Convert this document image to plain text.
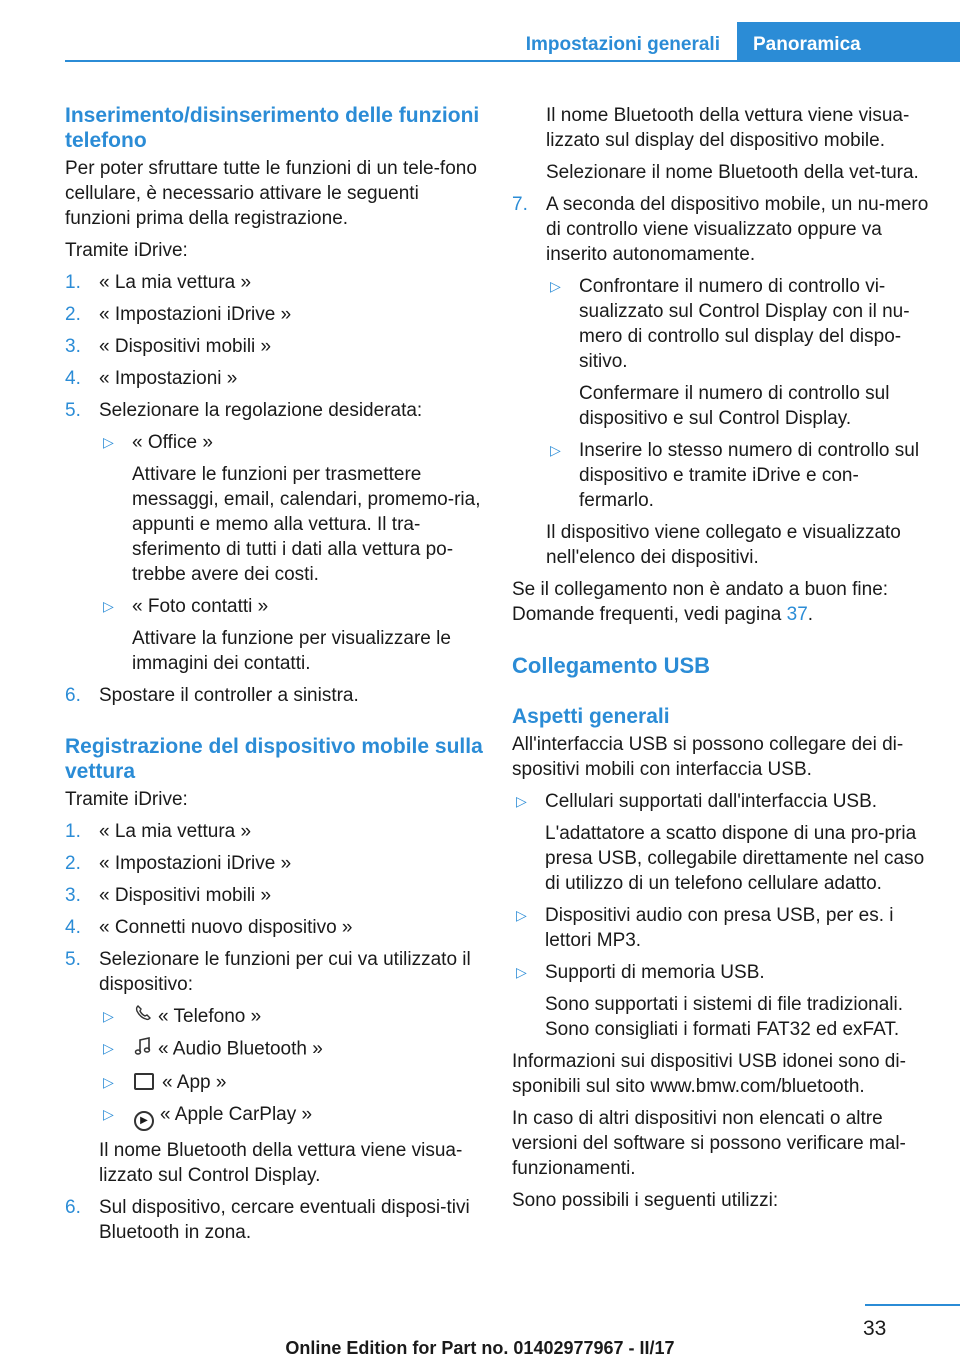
Impostazioni generali	Panoramica
Inserimento/disinserimento delle funzioni telefono

Per poter sfruttare tutte le funzioni di un tele-fono cellulare, è necessario attivare le seguenti funzioni prima della registrazione.

Tramite iDrive:

1. « La mia vettura »
2. « Impostazioni iDrive »
3. « Dispositivi mobili »
4. « Impostazioni »
5. Selezionare la regolazione desiderata:
▷ « Office »
Attivare le funzioni per trasmettere messaggi, email, calendari, promemo-ria, appunti e memo alla vettura. Il tra-sferimento di tutti i dati alla vettura po-trebbe avere dei costi.
▷ « Foto contatti »
Attivare la funzione per visualizzare le immagini dei contatti.
6. Spostare il controller a sinistra.
Registrazione del dispositivo mobile sulla vettura

Tramite iDrive:

1. « La mia vettura »
2. « Impostazioni iDrive »
3. « Dispositivi mobili »
4. « Connetti nuovo dispositivo »
5. Selezionare le funzioni per cui va utilizzato il dispositivo:
▷ « Telefono »
▷ « Audio Bluetooth »
▷	« App »
▷	▶ « Apple CarPlay »
Il nome Bluetooth della vettura viene visua-lizzato sul Control Display.
6. Sul dispositivo, cercare eventuali disposi-tivi Bluetooth in zona.
Il nome Bluetooth della vettura viene visua-lizzato sul display del dispositivo mobile.
Selezionare il nome Bluetooth della vet-tura.
7. A seconda del dispositivo mobile, un nu-mero di controllo viene visualizzato oppure va inserito autonomamente.
▷ Confrontare il numero di controllo vi-sualizzato sul Control Display con il nu-mero di controllo sul display del dispo-sitivo.
Confermare il numero di controllo sul dispositivo e sul Control Display.
▷ Inserire lo stesso numero di controllo sul dispositivo e tramite iDrive e con-fermarlo.
Il dispositivo viene collegato e visualizzato nell'elenco dei dispositivi.

Se il collegamento non è andato a buon fine: Domande frequenti, vedi pagina 37.

Collegamento USB
Aspetti generali

All'interfaccia USB si possono collegare dei di-spositivi mobili con interfaccia USB.

▷ Cellulari supportati dall'interfaccia USB.
L'adattatore a scatto dispone di una pro-pria presa USB, collegabile direttamente nel caso di utilizzo di un telefono cellulare adatto.
▷ Dispositivi audio con presa USB, per es. i lettori MP3.
▷ Supporti di memoria USB.
Sono supportati i sistemi di file tradizionali. Sono consigliati i formati FAT32 ed exFAT.

Informazioni sui dispositivi USB idonei sono di-sponibili sul sito www.bmw.com/bluetooth.

In caso di altri dispositivi non elencati o altre versioni del software si possono verificare mal-funzionamenti.

Sono possibili i seguenti utilizzi:

33
Online Edition for Part no. 01402977967 - II/17
